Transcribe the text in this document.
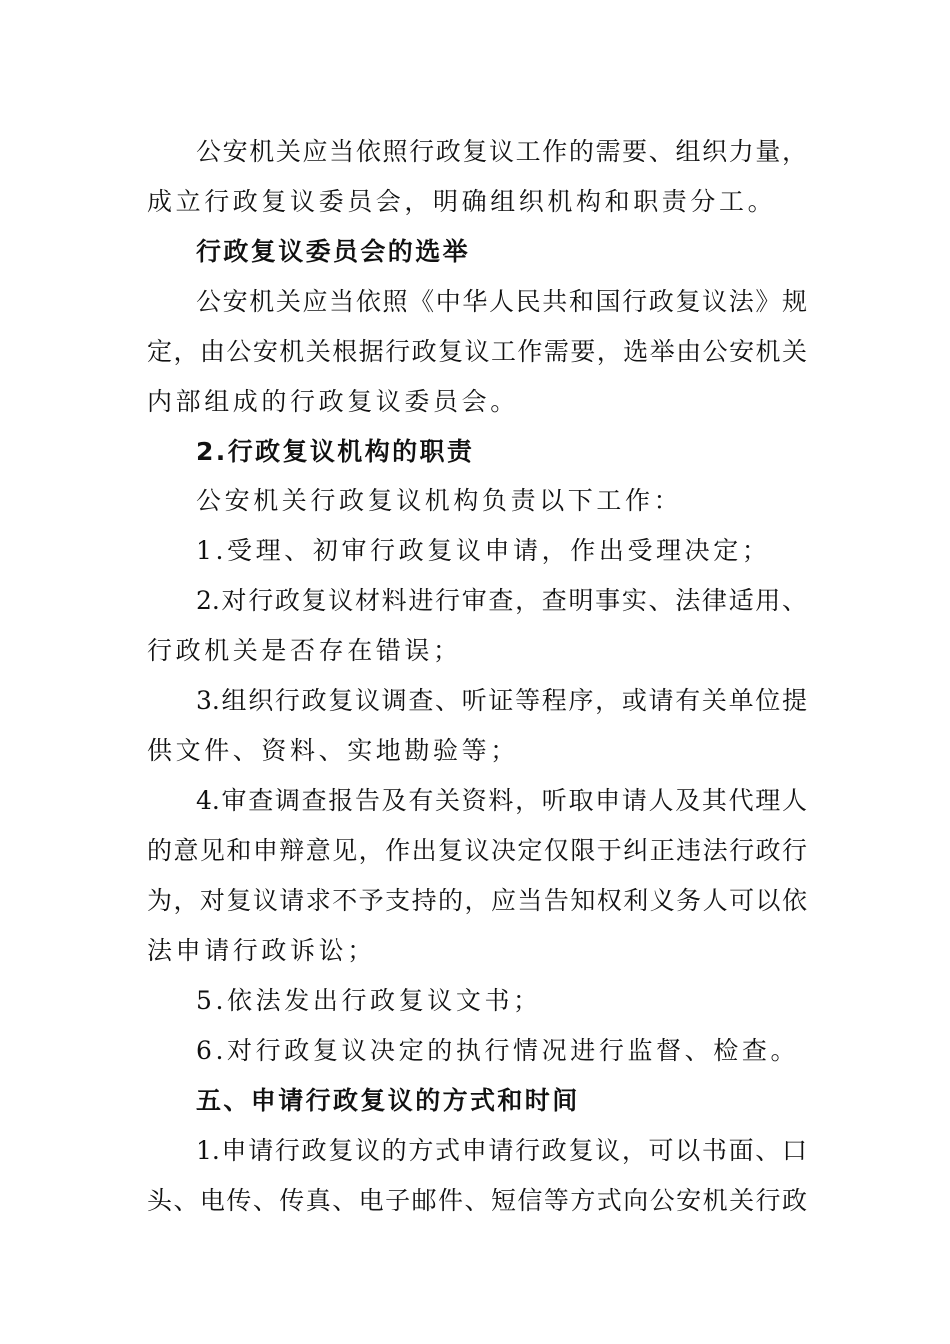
公安机关应当依照行政复议工作的需要、组织力量，
成立行政复议委员会，明确组织机构和职责分工。
行政复议委员会的选举
公安机关应当依照《中华人民共和国行政复议法》规
定，由公安机关根据行政复议工作需要，选举由公安机关
内部组成的行政复议委员会。
2.行政复议机构的职责
公安机关行政复议机构负责以下工作：
1.受理、初审行政复议申请，作出受理决定；
2.对行政复议材料进行审查，查明事实、法律适用、
行政机关是否存在错误；
3.组织行政复议调查、听证等程序，或请有关单位提
供文件、资料、实地勘验等；
4.审查调查报告及有关资料，听取申请人及其代理人
的意见和申辩意见，作出复议决定仅限于纠正违法行政行
为，对复议请求不予支持的，应当告知权利义务人可以依
法申请行政诉讼；
5.依法发出行政复议文书；
6.对行政复议决定的执行情况进行监督、检查。
五、申请行政复议的方式和时间
1.申请行政复议的方式申请行政复议，可以书面、口
头、电传、传真、电子邮件、短信等方式向公安机关行政
